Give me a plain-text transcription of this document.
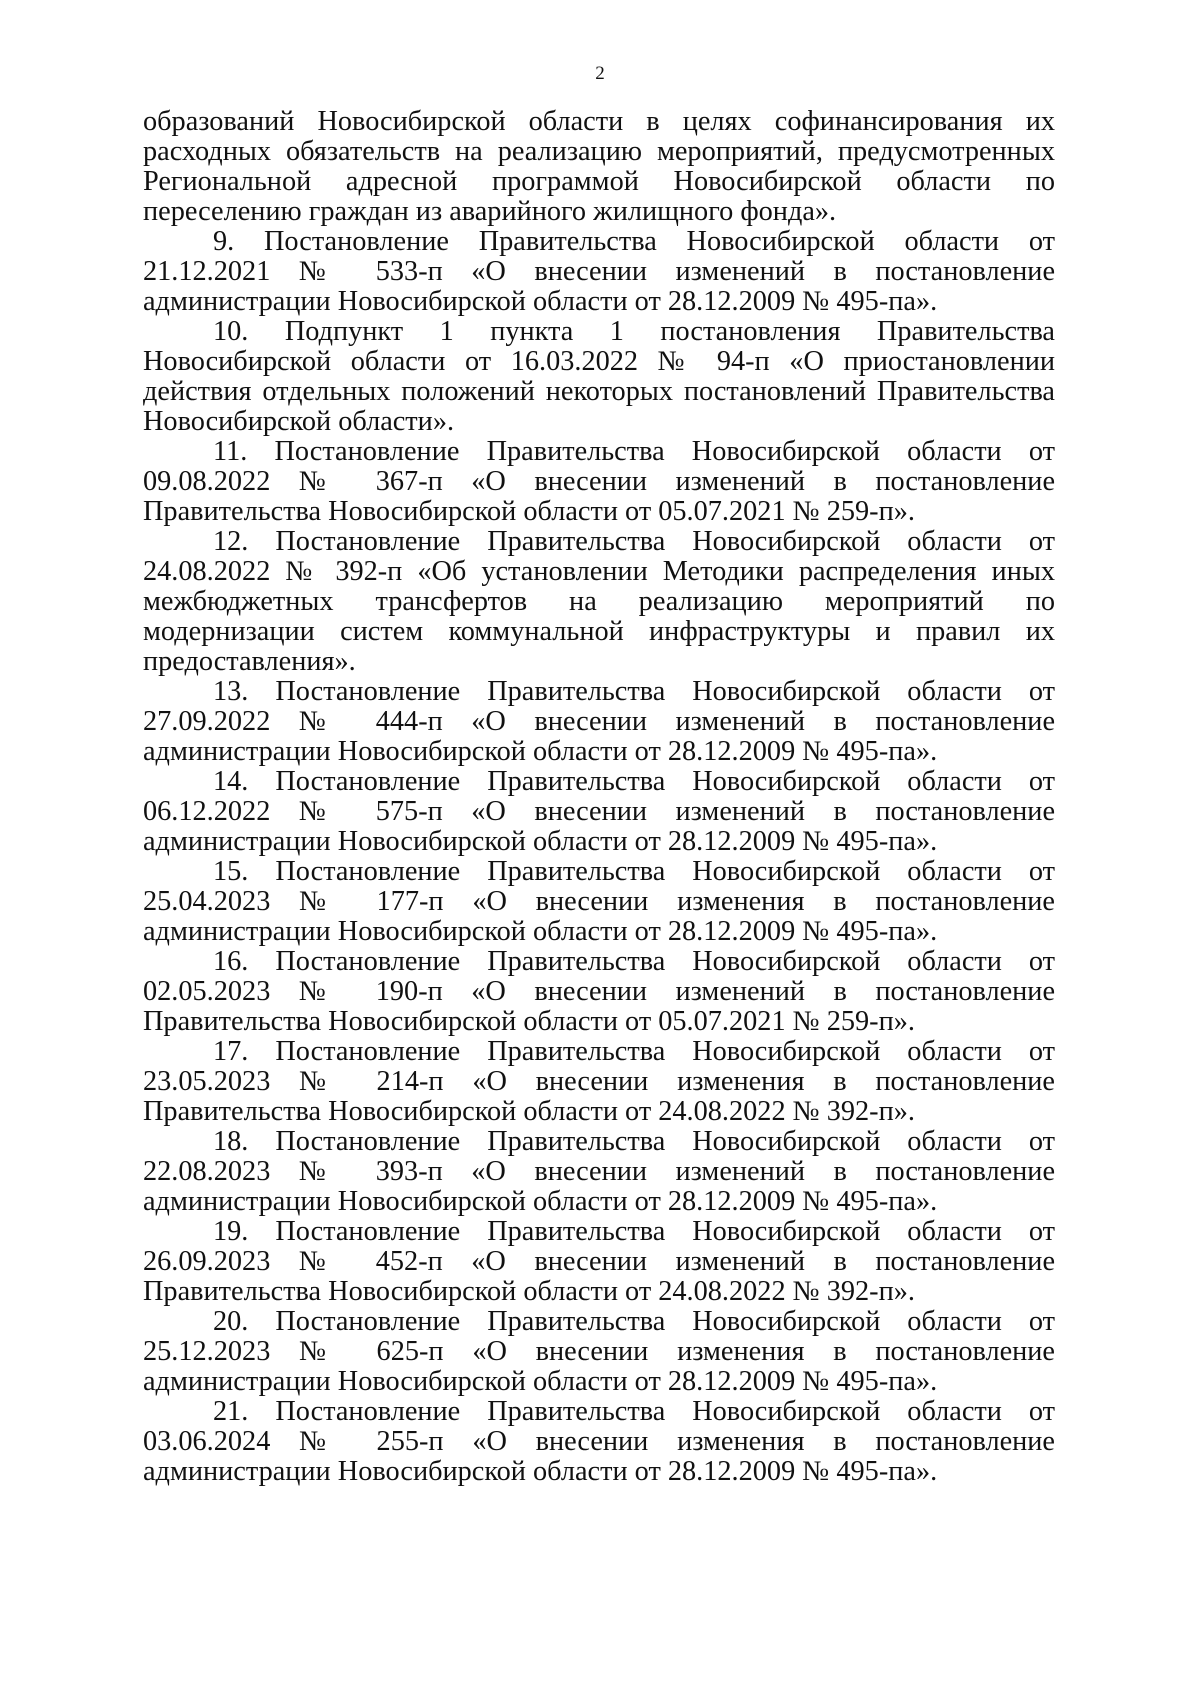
2

образований Новосибирской области в целях софинансирования их расходных обязательств на реализацию мероприятий, предусмотренных Региональной адресной программой Новосибирской области по переселению граждан из аварийного жилищного фонда».

9. Постановление Правительства Новосибирской области от 21.12.2021 № 533-п «О внесении изменений в постановление администрации Новосибирской области от 28.12.2009 № 495-па».

10. Подпункт 1 пункта 1 постановления Правительства Новосибирской области от 16.03.2022 № 94-п «О приостановлении действия отдельных положений некоторых постановлений Правительства Новосибирской области».

11. Постановление Правительства Новосибирской области от 09.08.2022 № 367-п «О внесении изменений в постановление Правительства Новосибирской области от 05.07.2021 № 259-п».

12. Постановление Правительства Новосибирской области от 24.08.2022 № 392-п «Об установлении Методики распределения иных межбюджетных трансфертов на реализацию мероприятий по модернизации систем коммунальной инфраструктуры и правил их предоставления».

13. Постановление Правительства Новосибирской области от 27.09.2022 № 444-п «О внесении изменений в постановление администрации Новосибирской области от 28.12.2009 № 495-па».

14. Постановление Правительства Новосибирской области от 06.12.2022 № 575-п «О внесении изменений в постановление администрации Новосибирской области от 28.12.2009 № 495-па».

15. Постановление Правительства Новосибирской области от 25.04.2023 № 177-п «О внесении изменения в постановление администрации Новосибирской области от 28.12.2009 № 495-па».

16. Постановление Правительства Новосибирской области от 02.05.2023 № 190-п «О внесении изменений в постановление Правительства Новосибирской области от 05.07.2021 № 259-п».

17. Постановление Правительства Новосибирской области от 23.05.2023 № 214-п «О внесении изменения в постановление Правительства Новосибирской области от 24.08.2022 № 392-п».

18. Постановление Правительства Новосибирской области от 22.08.2023 № 393-п «О внесении изменений в постановление администрации Новосибирской области от 28.12.2009 № 495-па».

19. Постановление Правительства Новосибирской области от 26.09.2023 № 452-п «О внесении изменений в постановление Правительства Новосибирской области от 24.08.2022 № 392-п».

20. Постановление Правительства Новосибирской области от 25.12.2023 № 625-п «О внесении изменения в постановление администрации Новосибирской области от 28.12.2009 № 495-па».

21. Постановление Правительства Новосибирской области от 03.06.2024 № 255-п «О внесении изменения в постановление администрации Новосибирской области от 28.12.2009 № 495-па».
